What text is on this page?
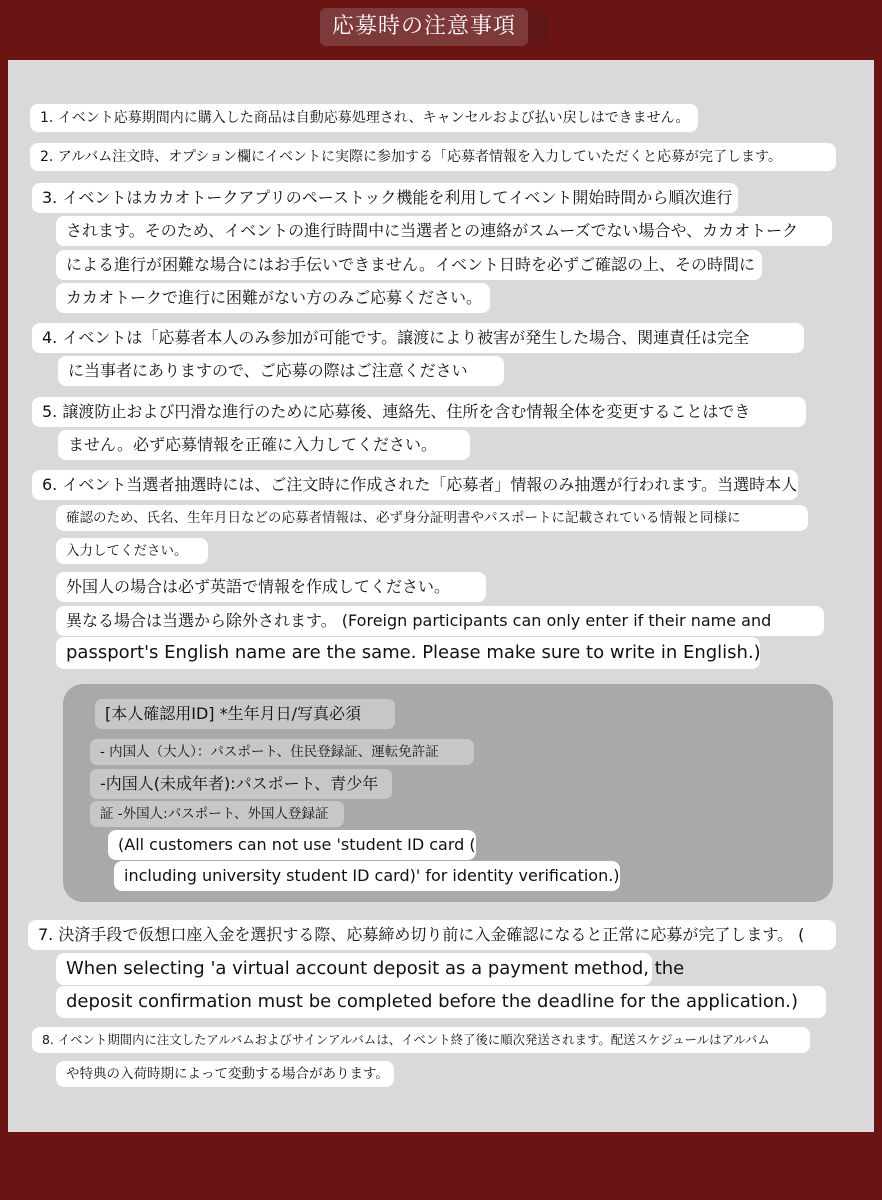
応募時の注意事項
1. イベント応募期間内に購入した商品は自動応募処理され、キャンセルおよび払い戻しはできません。
2. アルバム注文時、オプション欄にイベントに実際に参加する「応募者情報を入力していただくと応募が完了します。
3. イベントはカカオトークアプリのペーストック機能を利用してイベント開始時間から順次進行
されます。そのため、イベントの進行時間中に当選者との連絡がスムーズでない場合や、カカオトーク
による進行が困難な場合にはお手伝いできません。イベント日時を必ずご確認の上、その時間に
カカオトークで進行に困難がない方のみご応募ください。
4. イベントは「応募者本人のみ参加が可能です。譲渡により被害が発生した場合、関連責任は完全
に当事者にありますので、ご応募の際はご注意ください
5. 譲渡防止および円滑な進行のために応募後、連絡先、住所を含む情報全体を変更することはでき
ません。必ず応募情報を正確に入力してください。
6. イベント当選者抽選時には、ご注文時に作成された「応募者」情報のみ抽選が行われます。当選時本人
確認のため、氏名、生年月日などの応募者情報は、必ず身分証明書やパスポートに記載されている情報と同様に
入力してください。
外国人の場合は必ず英語で情報を作成してください。
異なる場合は当選から除外されます。 (Foreign participants can only enter if their name and
passport's English name are the same. Please make sure to write in English.)
[本人確認用ID] *生年月日/写真必須
- 内国人（大人）：パスポート、住民登録証、運転免許証
-内国人(未成年者):パスポート、青少年
証 -外国人:パスポート、外国人登録証
(All customers can not use 'student ID card (
including university student ID card)' for identity verification.)
7. 決済手段で仮想口座入金を選択する際、応募締め切り前に入金確認になると正常に応募が完了します。 (
When selecting 'a virtual account deposit as a payment method, the
deposit confirmation must be completed before the deadline for the application.)
8. イベント期間内に注文したアルバムおよびサインアルバムは、イベント終了後に順次発送されます。配送スケジュールはアルバム
や特典の入荷時期によって変動する場合があります。
